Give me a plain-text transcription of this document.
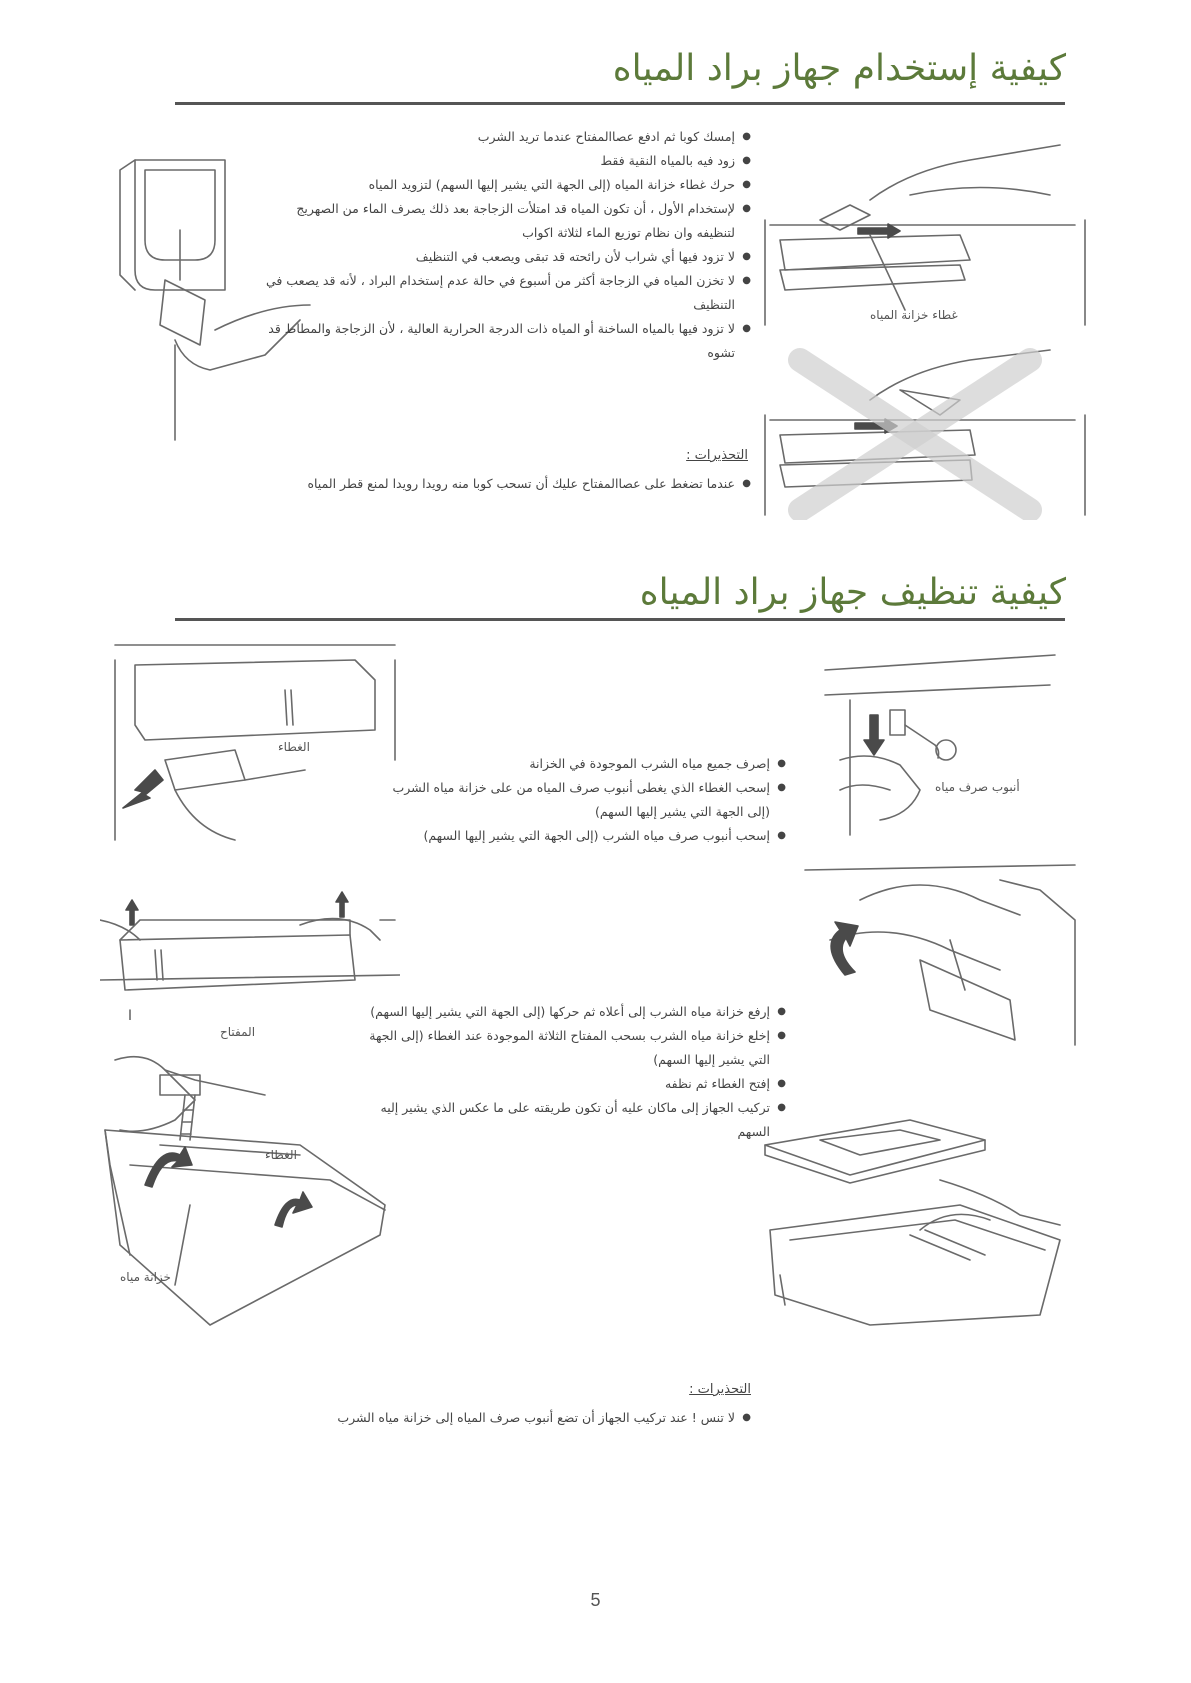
كيفية إستخدام جهاز براد المياه
● إمسك كوبا ثم ادفع عصاالمفتاح عندما تريد الشرب
● زود فيه بالمياه النقية فقط
● حرك غطاء خزانة المياه (إلى الجهة التي يشير إليها السهم) لتزويد المياه
● لإستخدام الأول ، أن تكون المياه قد امتلأت الزجاجة بعد ذلك يصرف الماء من الصهريج لتنظيفه وان نظام توزيع الماء لثلاثة اكواب
● لا تزود فيها أي شراب لأن رائحته قد تبقى ويصعب في التنظيف
● لا تخزن المياه في الزجاجة أكثر من أسبوع في حالة عدم إستخدام البراد ، لأنه قد يصعب في التنظيف
● لا تزود فيها بالمياه الساخنة أو المياه ذات الدرجة الحرارية العالية ، لأن الزجاجة والمطاط قد تشوه
التحذيرات :
● عندما تضغط على عصاالمفتاح عليك أن تسحب كوبا منه رويدا رويدا لمنع قطر المياه
غطاء خزانة المياه
كيفية تنظيف جهاز براد المياه
الغطاء
● إصرف جميع مياه الشرب الموجودة في الخزانة
● إسحب الغطاء الذي يغطى أنبوب صرف المياه من على خزانة مياه الشرب (إلى الجهة التي يشير إليها السهم)
● إسحب أنبوب صرف مياه الشرب (إلى الجهة التي يشير إليها السهم)
أنبوب صرف مياه
المفتاح
الغطاء
خزانة مياه
● إرفع خزانة مياه الشرب إلى أعلاه ثم حركها (إلى الجهة التي يشير إليها السهم)
● إخلع خزانة مياه الشرب بسحب المفتاح الثلاثة الموجودة عند الغطاء (إلى الجهة التي يشير إليها السهم)
● إفتح الغطاء ثم نظفه
● تركيب الجهاز إلى ماكان عليه أن تكون طريقته على ما عكس الذي يشير إليه السهم
التحذيرات :
● لا تنس ! عند تركيب الجهاز أن تضع أنبوب صرف المياه إلى خزانة مياه الشرب
5
